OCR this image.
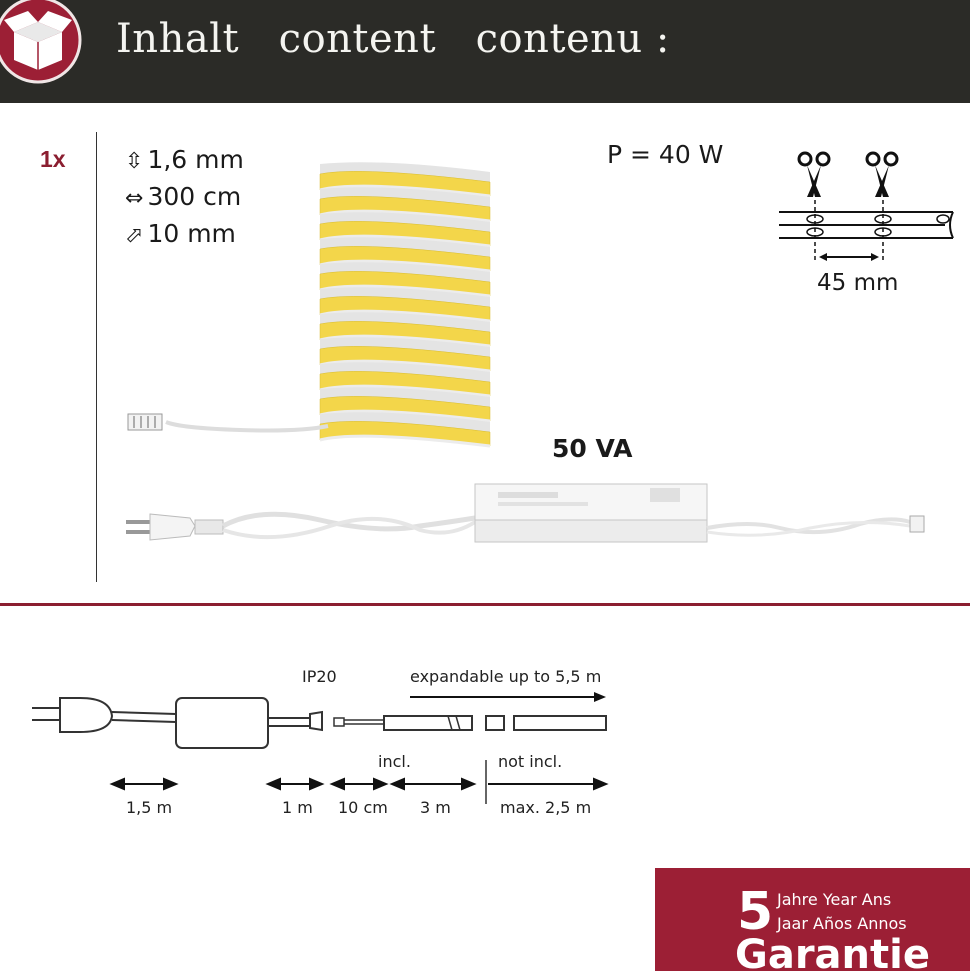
Inhalt   content   contenu :
1x	⇳ 1,6 mm
⇔ 300 cm
⬀ 10 mm
P = 40 W
45 mm
50 VA
IP20	expandable up to 5,5 m
incl.	not incl.
1,5 m	1 m 10 cm 3 m	max. 2,5 m
5 Jahre Year Ans
Jaar Años Annos
Garantie
